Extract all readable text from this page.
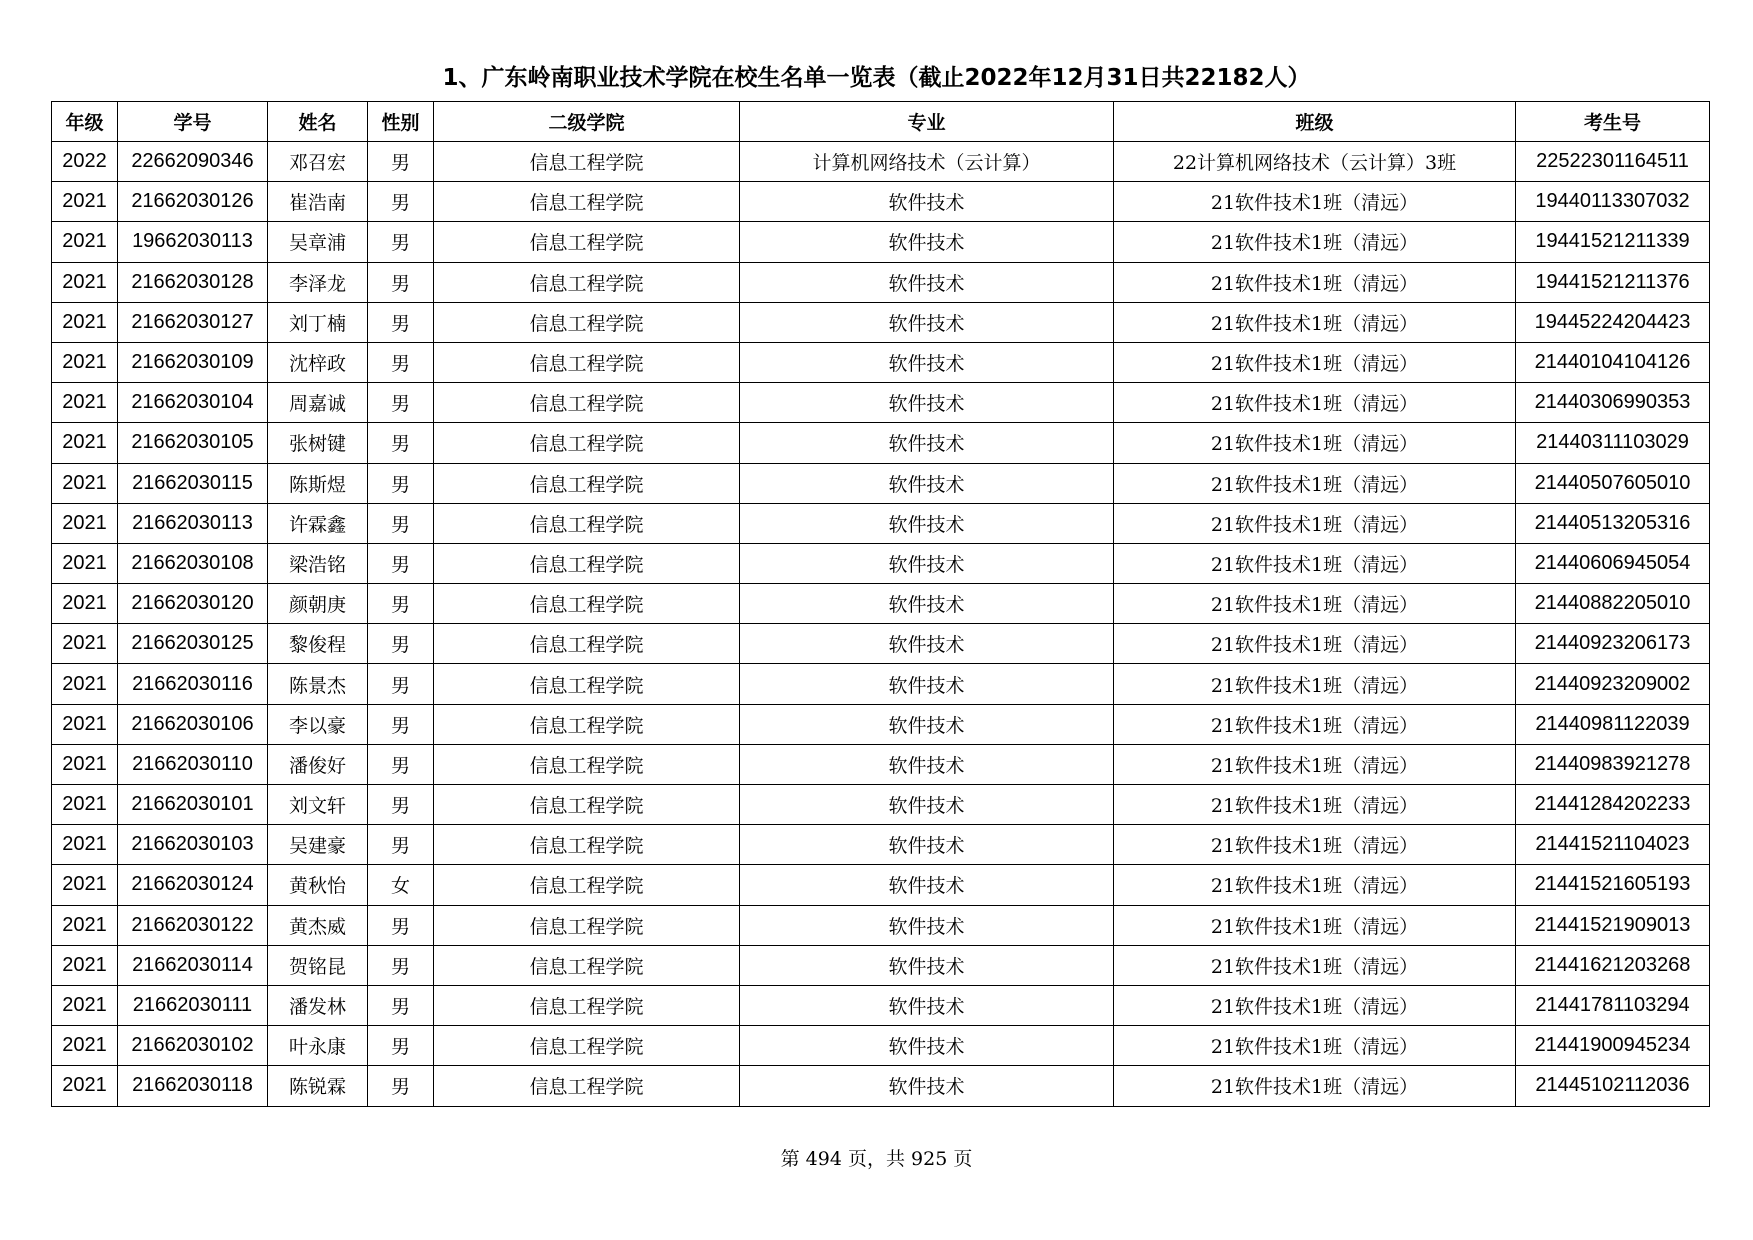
1、广东岭南职业技术学院在校生名单一览表（截止2022年12月31日共22182人）
年级	学号	姓名	性别	二级学院	专业	班级	考生号
2022	22662090346	邓召宏	男	信息工程学院	计算机网络技术（云计算）	22计算机网络技术（云计算）3班	22522301164511
2021	21662030126	崔浩南	男	信息工程学院	软件技术	21软件技术1班（清远）	19440113307032
2021	19662030113	吴章浦	男	信息工程学院	软件技术	21软件技术1班（清远）	19441521211339
2021	21662030128	李泽龙	男	信息工程学院	软件技术	21软件技术1班（清远）	19441521211376
2021	21662030127	刘丁楠	男	信息工程学院	软件技术	21软件技术1班（清远）	19445224204423
2021	21662030109	沈梓政	男	信息工程学院	软件技术	21软件技术1班（清远）	21440104104126
2021	21662030104	周嘉诚	男	信息工程学院	软件技术	21软件技术1班（清远）	21440306990353
2021	21662030105	张树键	男	信息工程学院	软件技术	21软件技术1班（清远）	21440311103029
2021	21662030115	陈斯煜	男	信息工程学院	软件技术	21软件技术1班（清远）	21440507605010
2021	21662030113	许霖鑫	男	信息工程学院	软件技术	21软件技术1班（清远）	21440513205316
2021	21662030108	梁浩铭	男	信息工程学院	软件技术	21软件技术1班（清远）	21440606945054
2021	21662030120	颜朝庚	男	信息工程学院	软件技术	21软件技术1班（清远）	21440882205010
2021	21662030125	黎俊程	男	信息工程学院	软件技术	21软件技术1班（清远）	21440923206173
2021	21662030116	陈景杰	男	信息工程学院	软件技术	21软件技术1班（清远）	21440923209002
2021	21662030106	李以豪	男	信息工程学院	软件技术	21软件技术1班（清远）	21440981122039
2021	21662030110	潘俊好	男	信息工程学院	软件技术	21软件技术1班（清远）	21440983921278
2021	21662030101	刘文轩	男	信息工程学院	软件技术	21软件技术1班（清远）	21441284202233
2021	21662030103	吴建豪	男	信息工程学院	软件技术	21软件技术1班（清远）	21441521104023
2021	21662030124	黄秋怡	女	信息工程学院	软件技术	21软件技术1班（清远）	21441521605193
2021	21662030122	黄杰威	男	信息工程学院	软件技术	21软件技术1班（清远）	21441521909013
2021	21662030114	贺铭昆	男	信息工程学院	软件技术	21软件技术1班（清远）	21441621203268
2021	21662030111	潘发林	男	信息工程学院	软件技术	21软件技术1班（清远）	21441781103294
2021	21662030102	叶永康	男	信息工程学院	软件技术	21软件技术1班（清远）	21441900945234
2021	21662030118	陈锐霖	男	信息工程学院	软件技术	21软件技术1班（清远）	21445102112036
第 494 页，共 925 页
